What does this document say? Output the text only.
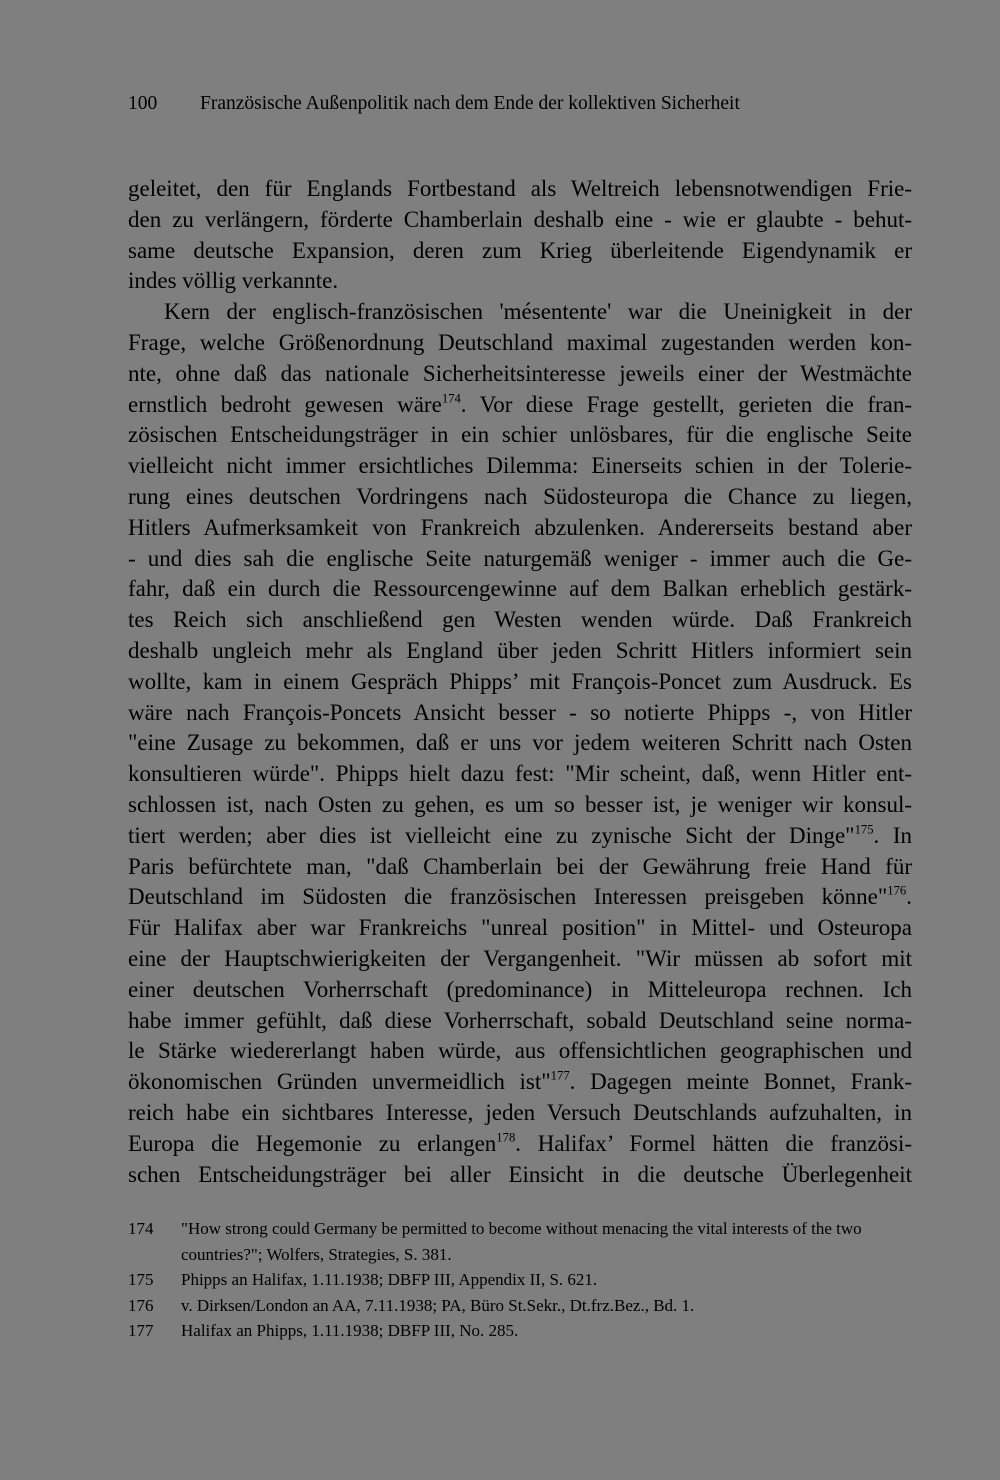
100 Französische Außenpolitik nach dem Ende der kollektiven Sicherheit
geleitet, den für Englands Fortbestand als Weltreich lebensnotwendigen Frie-
den zu verlängern, förderte Chamberlain deshalb eine - wie er glaubte - behut-
same deutsche Expansion, deren zum Krieg überleitende Eigendynamik er
indes völlig verkannte.
Kern der englisch-französischen 'mésentente' war die Uneinigkeit in der
Frage, welche Größenordnung Deutschland maximal zugestanden werden kon-
nte, ohne daß das nationale Sicherheitsinteresse jeweils einer der Westmächte
ernstlich bedroht gewesen wäre$^{174}$. Vor diese Frage gestellt, gerieten die fran-
zösischen Entscheidungsträger in ein schier unlösbares, für die englische Seite
vielleicht nicht immer ersichtliches Dilemma: Einerseits schien in der Tolerie-
rung eines deutschen Vordringens nach Südosteuropa die Chance zu liegen,
Hitlers Aufmerksamkeit von Frankreich abzulenken. Andererseits bestand aber
- und dies sah die englische Seite naturgemäß weniger - immer auch die Ge-
fahr, daß ein durch die Ressourcengewinne auf dem Balkan erheblich gestärk-
tes Reich sich anschließend gen Westen wenden würde. Daß Frankreich
deshalb ungleich mehr als England über jeden Schritt Hitlers informiert sein
wollte, kam in einem Gespräch Phipps’ mit François-Poncet zum Ausdruck. Es
wäre nach François-Poncets Ansicht besser - so notierte Phipps -, von Hitler
"eine Zusage zu bekommen, daß er uns vor jedem weiteren Schritt nach Osten
konsultieren würde". Phipps hielt dazu fest: "Mir scheint, daß, wenn Hitler ent-
schlossen ist, nach Osten zu gehen, es um so besser ist, je weniger wir konsul-
tiert werden; aber dies ist vielleicht eine zu zynische Sicht der Dinge"$^{175}$. In
Paris befürchtete man, "daß Chamberlain bei der Gewährung freie Hand für
Deutschland im Südosten die französischen Interessen preisgeben könne"$^{176}$.
Für Halifax aber war Frankreichs "unreal position" in Mittel- und Osteuropa
eine der Hauptschwierigkeiten der Vergangenheit. "Wir müssen ab sofort mit
einer deutschen Vorherrschaft (predominance) in Mitteleuropa rechnen. Ich
habe immer gefühlt, daß diese Vorherrschaft, sobald Deutschland seine norma-
le Stärke wiedererlangt haben würde, aus offensichtlichen geographischen und
ökonomischen Gründen unvermeidlich ist"$^{177}$. Dagegen meinte Bonnet, Frank-
reich habe ein sichtbares Interesse, jeden Versuch Deutschlands aufzuhalten, in
Europa die Hegemonie zu erlangen$^{178}$. Halifax’ Formel hätten die französi-
schen Entscheidungsträger bei aller Einsicht in die deutsche Überlegenheit
174	"How strong could Germany be permitted to become without menacing the vital interests of the two countries?"; Wolfers, Strategies, S. 381.
175	Phipps an Halifax, 1.11.1938; DBFP III, Appendix II, S. 621.
176	v. Dirksen/London an AA, 7.11.1938; PA, Büro St.Sekr., Dt.frz.Bez., Bd. 1.
177	Halifax an Phipps, 1.11.1938; DBFP III, No. 285.
